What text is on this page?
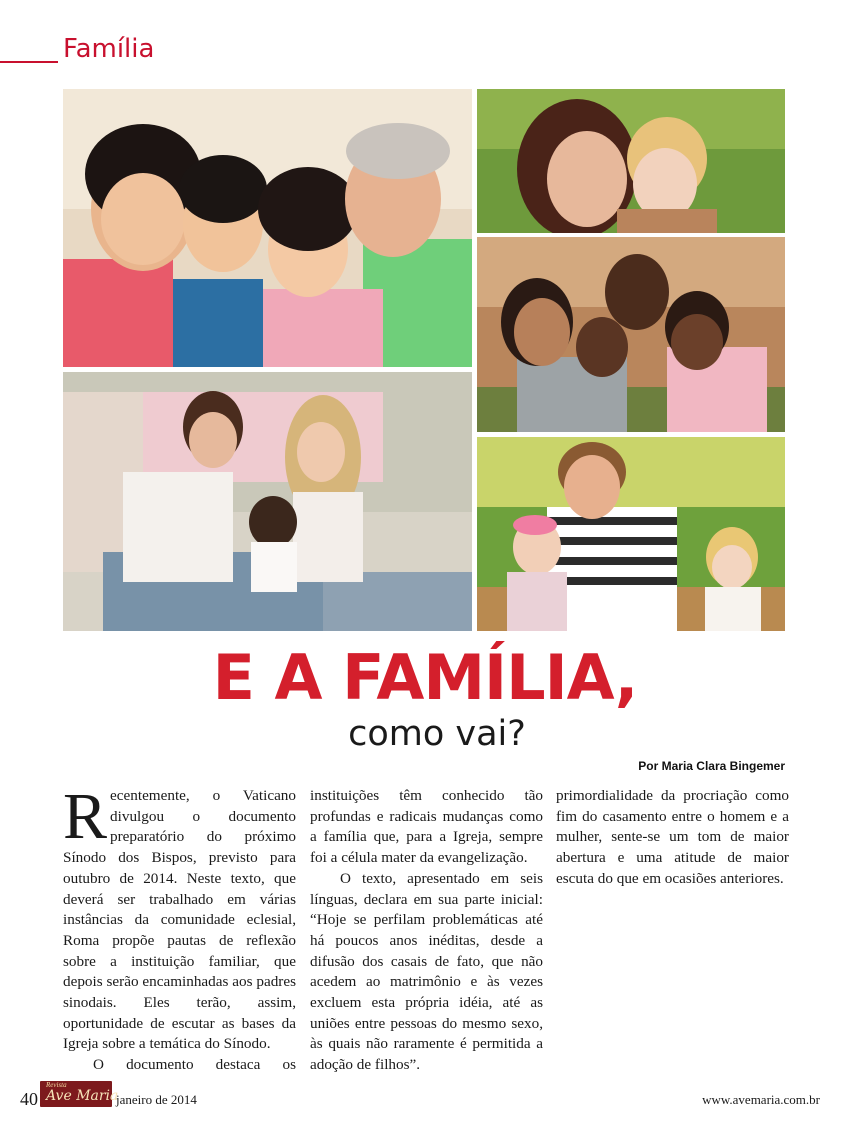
Família
E A FAMÍLIA,
como vai?
Por Maria Clara Bingemer

Recentemente, o Vaticano divulgou o documento preparatório do próximo Sínodo dos Bispos, previsto para outubro de 2014. Neste texto, que deverá ser trabalhado em várias instâncias da comunidade eclesial, Roma propõe pautas de reflexão sobre a instituição familiar, que depois serão encaminhadas aos padres sinodais. Eles terão, assim, oportunidade de escutar as bases da Igreja sobre a temática do Sínodo.

O documento destaca os

instituições têm conhecido tão profundas e radicais mudanças como a família que, para a Igreja, sempre foi a célula mater da evangelização.

O texto, apresentado em seis línguas, declara em sua parte inicial: “Hoje se perfilam problemáticas até há poucos anos inéditas, desde a difusão dos casais de fato, que não acedem ao matrimônio e às vezes excluem esta própria idéia, até as uniões entre pessoas do mesmo sexo, às quais não raramente é permitida a adoção de filhos”.

primordialidade da procriação como fim do casamento entre o homem e a mulher, sente-se um tom de maior abertura e uma atitude de maior escuta do que em ocasiões anteriores.

40
Revista
Ave Maria
janeiro de 2014	www.avemaria.com.br
